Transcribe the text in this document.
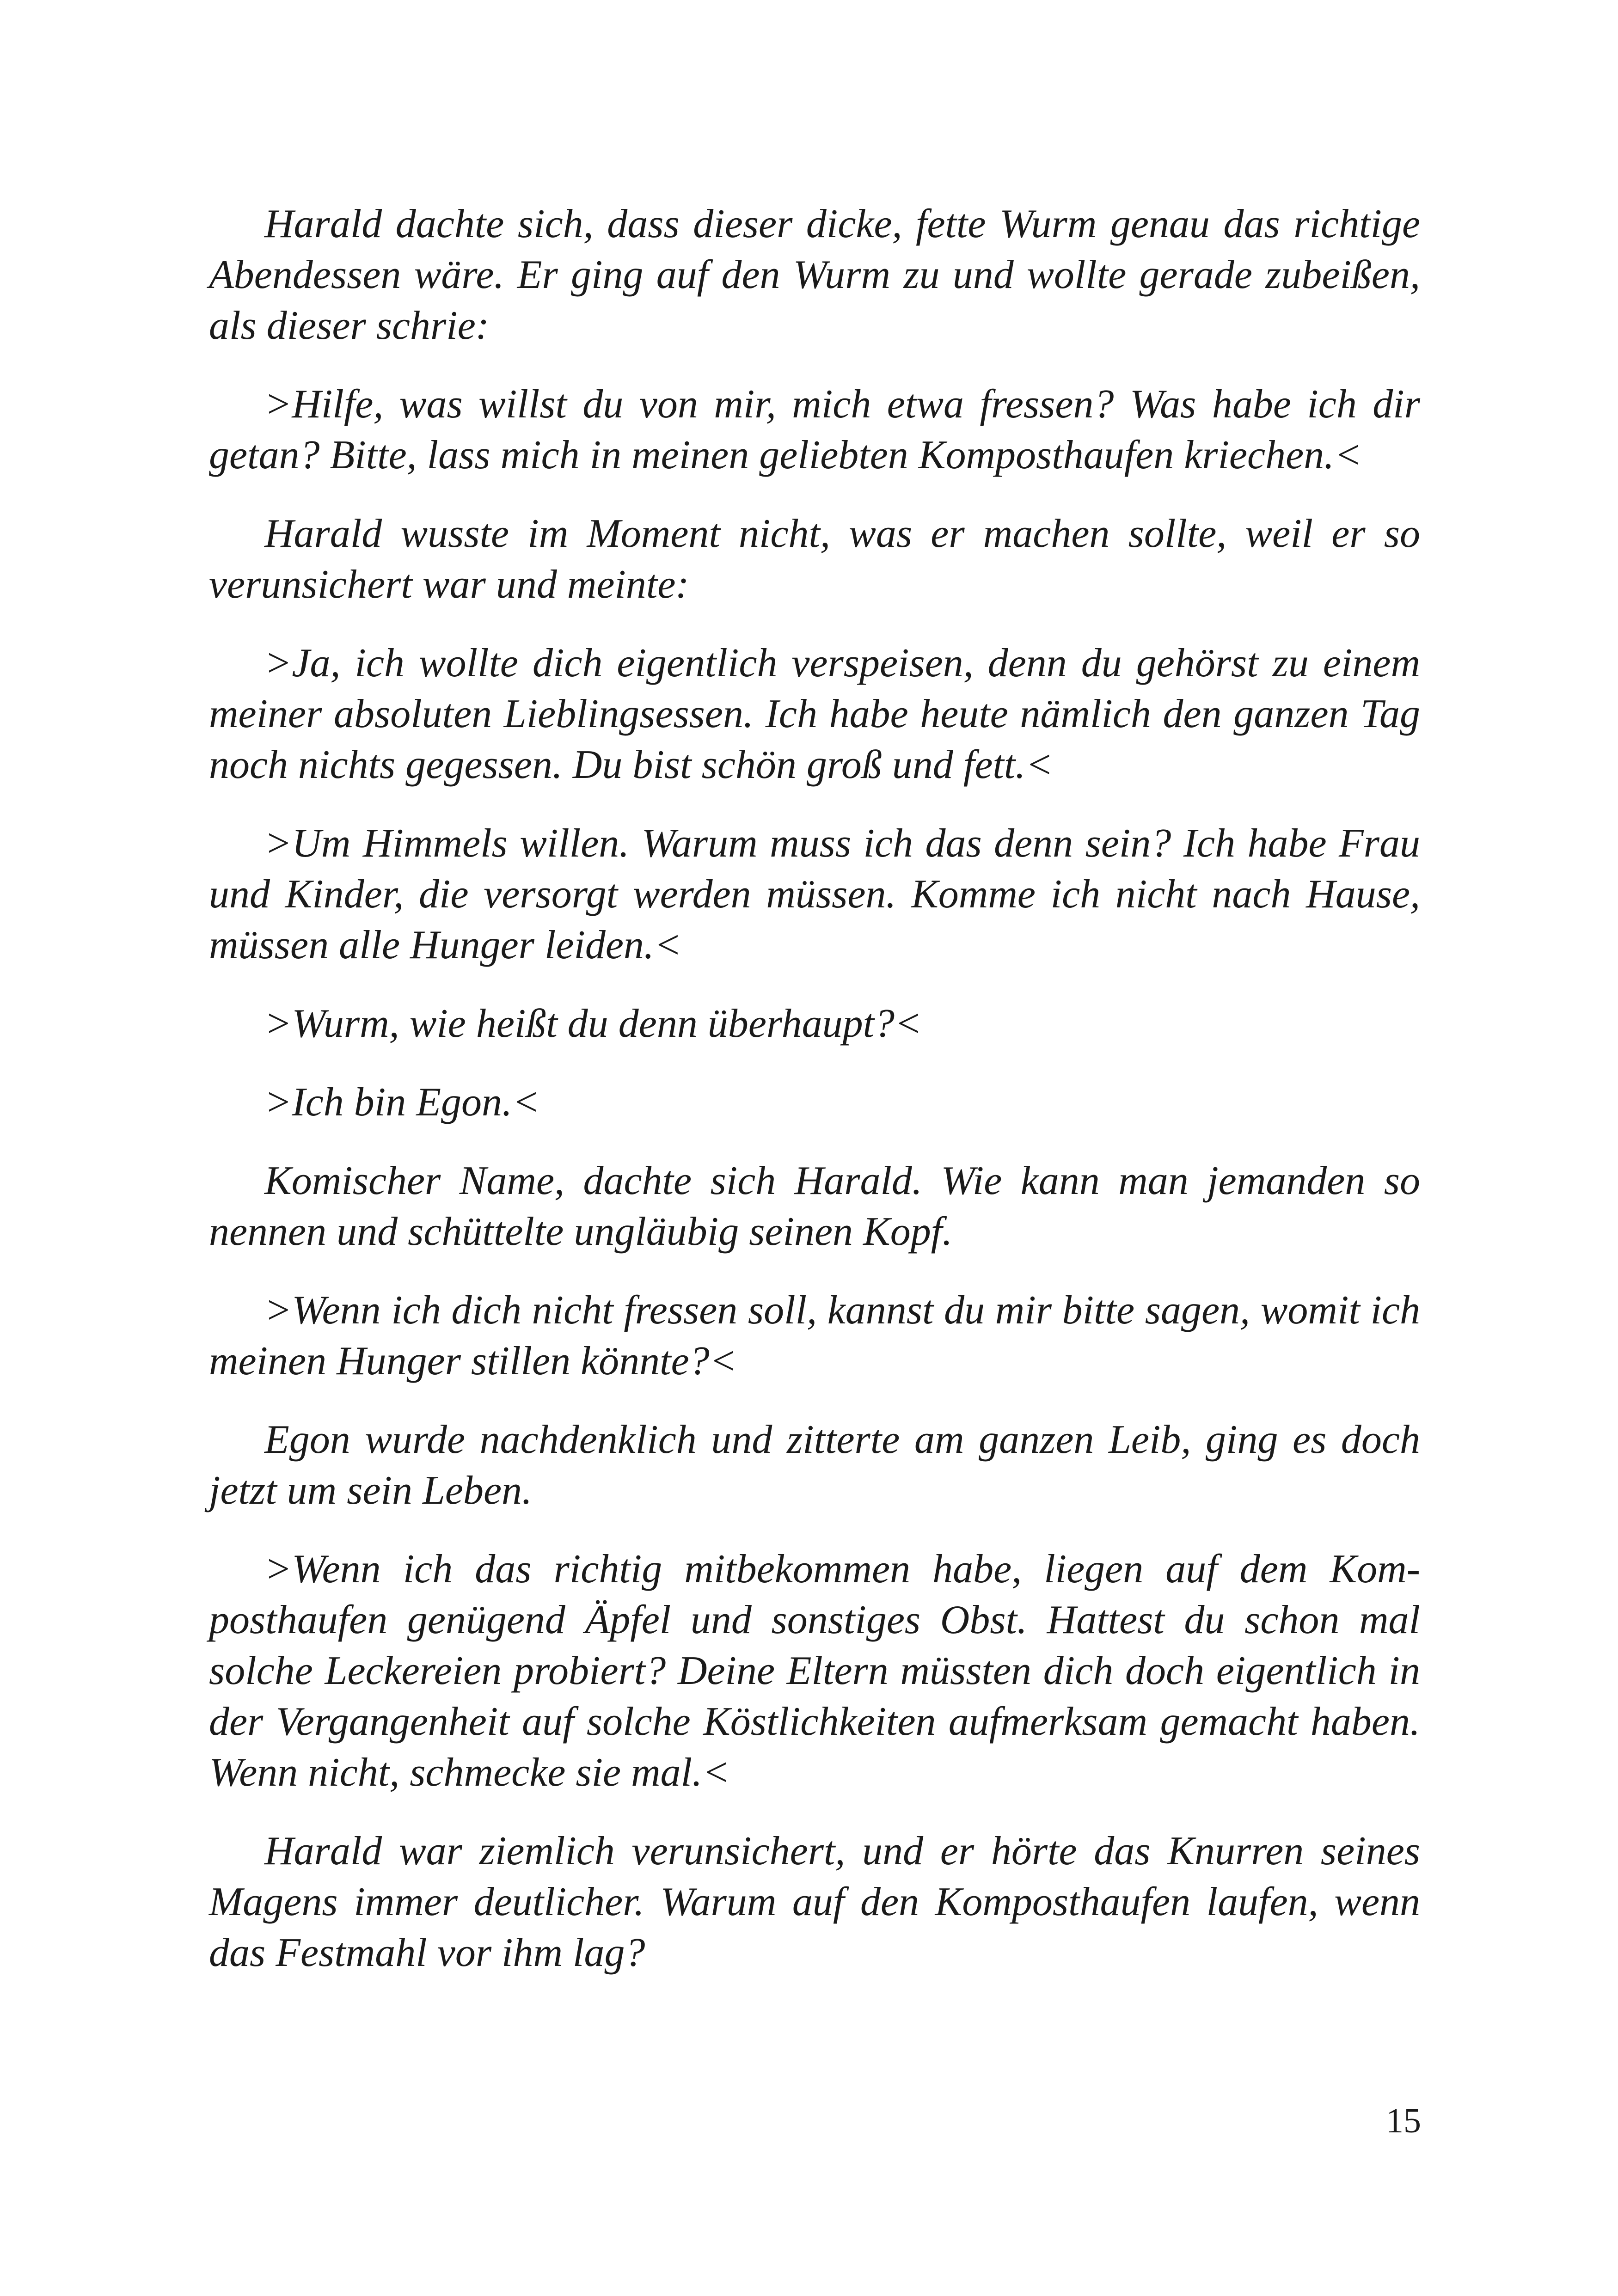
Harald dachte sich, dass dieser dicke, fette Wurm genau das richtige Abendessen wäre. Er ging auf den Wurm zu und wollte gerade zubeißen, als dieser schrie:

>Hilfe, was willst du von mir, mich etwa fressen? Was habe ich dir getan? Bitte, lass mich in meinen geliebten Komposthaufen kriechen.<

Harald wusste im Moment nicht, was er machen sollte, weil er so verunsichert war und meinte:

>Ja, ich wollte dich eigentlich verspeisen, denn du gehörst zu einem meiner absoluten Lieblingsessen. Ich habe heute nämlich den ganzen Tag noch nichts gegessen. Du bist schön groß und fett.<

>Um Himmels willen. Warum muss ich das denn sein? Ich habe Frau und Kinder, die versorgt werden müssen. Komme ich nicht nach Hause, müssen alle Hunger leiden.<

>Wurm, wie heißt du denn überhaupt?<

>Ich bin Egon.<

Komischer Name, dachte sich Harald. Wie kann man jemanden so nennen und schüttelte ungläubig seinen Kopf.

>Wenn ich dich nicht fressen soll, kannst du mir bitte sagen, womit ich meinen Hunger stillen könnte?<

Egon wurde nachdenklich und zitterte am ganzen Leib, ging es doch jetzt um sein Leben.

>Wenn ich das richtig mitbekommen habe, liegen auf dem Komposthaufen genügend Äpfel und sonstiges Obst. Hattest du schon mal solche Leckereien probiert? Deine Eltern müssten dich doch eigentlich in der Vergangenheit auf solche Köstlichkeiten aufmerksam gemacht haben. Wenn nicht, schmecke sie mal.<

Harald war ziemlich verunsichert, und er hörte das Knurren seines Magens immer deutlicher. Warum auf den Komposthaufen laufen, wenn das Festmahl vor ihm lag?

15
